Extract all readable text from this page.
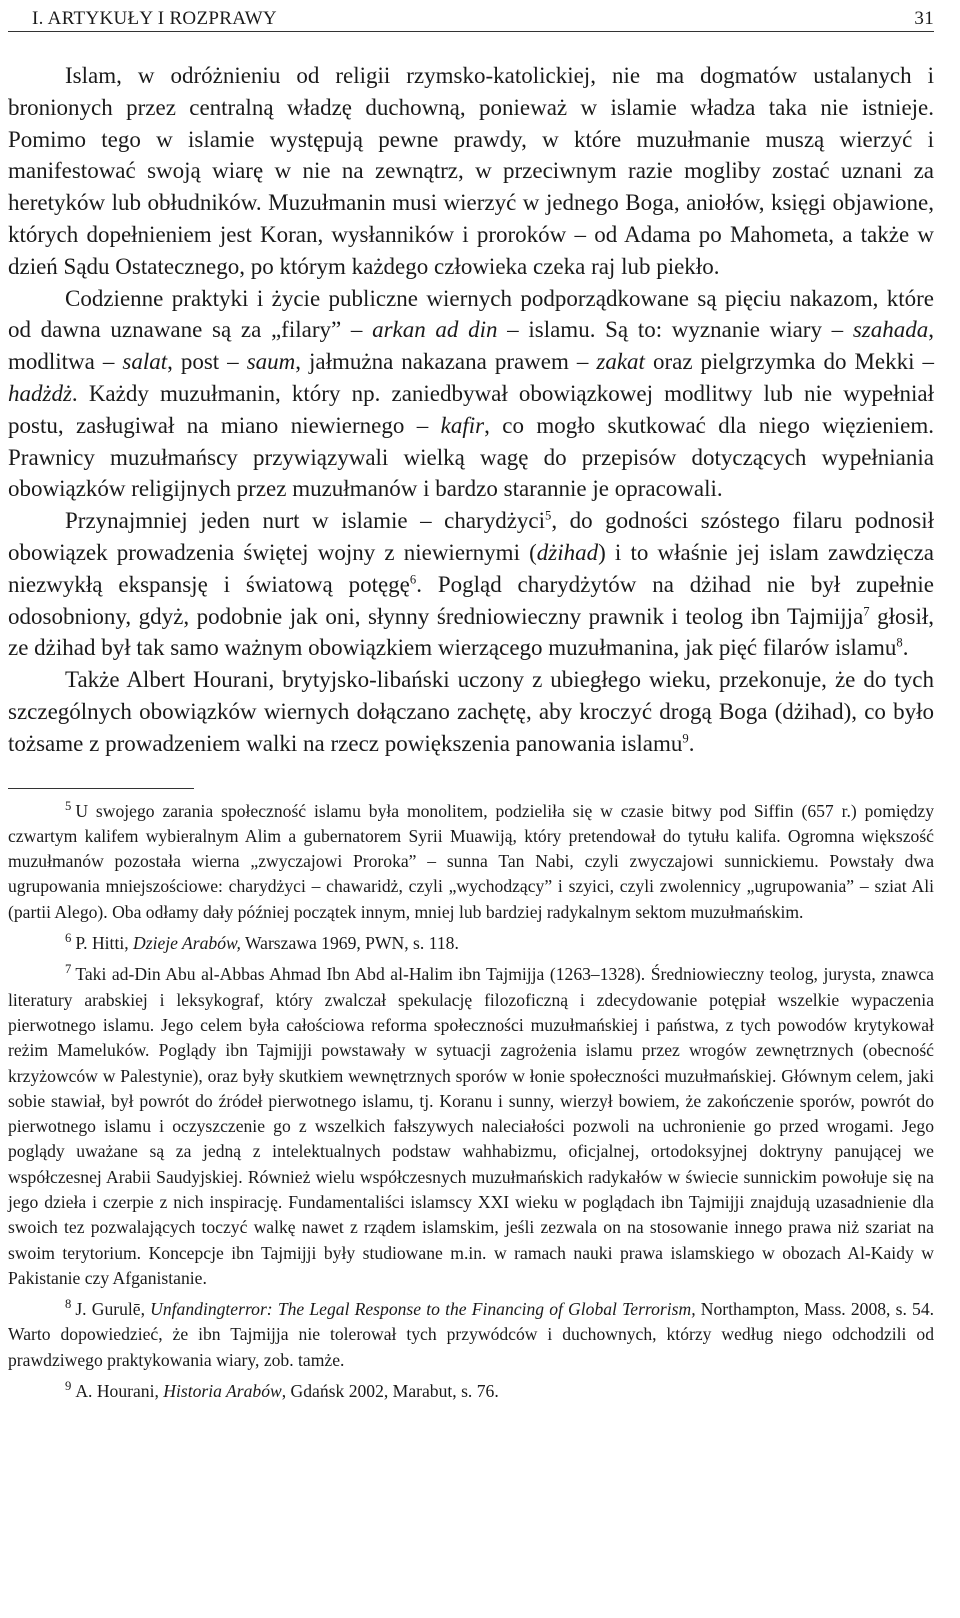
I. ARTYKUŁY I ROZPRAWY	31

Islam, w odróżnieniu od religii rzymsko-katolickiej, nie ma dogmatów ustalanych i bronionych przez centralną władzę duchowną, ponieważ w islamie władza taka nie istnieje. Pomimo tego w islamie występują pewne prawdy, w które muzułmanie muszą wierzyć i manifestować swoją wiarę w nie na zewnątrz, w przeciwnym razie mogliby zostać uznani za heretyków lub obłudników. Muzułmanin musi wierzyć w jednego Boga, aniołów, księgi objawione, których dopełnieniem jest Koran, wysłanników i proroków – od Adama po Mahometa, a także w dzień Sądu Ostatecznego, po którym każdego człowieka czeka raj lub piekło.

Codzienne praktyki i życie publiczne wiernych podporządkowane są pięciu nakazom, które od dawna uznawane są za „filary” – arkan ad din – islamu. Są to: wyznanie wiary – szahada, modlitwa – salat, post – saum, jałmużna nakazana prawem – zakat oraz pielgrzymka do Mekki – hadżdż. Każdy muzułmanin, który np. zaniedbywał obowiązkowej modlitwy lub nie wypełniał postu, zasługiwał na miano niewiernego – kafir, co mogło skutkować dla niego więzieniem. Prawnicy muzułmańscy przywiązywali wielką wagę do przepisów dotyczących wypełniania obowiązków religijnych przez muzułmanów i bardzo starannie je opracowali.

Przynajmniej jeden nurt w islamie – charydżyci$^5$, do godności szóstego filaru podnosił obowiązek prowadzenia świętej wojny z niewiernymi (dżihad) i to właśnie jej islam zawdzięcza niezwykłą ekspansję i światową potęgę$^6$. Pogląd charydżytów na dżihad nie był zupełnie odosobniony, gdyż, podobnie jak oni, słynny średniowieczny prawnik i teolog ibn Tajmijja$^7$ głosił, ze dżihad był tak samo ważnym obowiązkiem wierzącego muzułmanina, jak pięć filarów islamu$^8$.

Także Albert Hourani, brytyjsko-libański uczony z ubiegłego wieku, przekonuje, że do tych szczególnych obowiązków wiernych dołączano zachętę, aby kroczyć drogą Boga (dżihad), co było tożsame z prowadzeniem walki na rzecz powiększenia panowania islamu$^9$.

$^5$ U swojego zarania społeczność islamu była monolitem, podzieliła się w czasie bitwy pod Siffin (657 r.) pomiędzy czwartym kalifem wybieralnym Alim a gubernatorem Syrii Muawiją, który pretendował do tytułu kalifa. Ogromna większość muzułmanów pozostała wierna „zwyczajowi Proroka” – sunna Tan Nabi, czyli zwyczajowi sunnickiemu. Powstały dwa ugrupowania mniejszościowe: charydżyci – chawaridż, czyli „wychodzący” i szyici, czyli zwolennicy „ugrupowania” – sziat Ali (partii Alego). Oba odłamy dały później początek innym, mniej lub bardziej radykalnym sektom muzułmańskim.

$^6$ P. Hitti, Dzieje Arabów, Warszawa 1969, PWN, s. 118.

$^7$ Taki ad-Din Abu al-Abbas Ahmad Ibn Abd al-Halim ibn Tajmijja (1263–1328). Średniowieczny teolog, jurysta, znawca literatury arabskiej i leksykograf, który zwalczał spekulację filozoficzną i zdecydowanie potępiał wszelkie wypaczenia pierwotnego islamu. Jego celem była całościowa reforma społeczności muzułmańskiej i państwa, z tych powodów krytykował reżim Mameluków. Poglądy ibn Tajmijji powstawały w sytuacji zagrożenia islamu przez wrogów zewnętrznych (obecność krzyżowców w Palestynie), oraz były skutkiem wewnętrznych sporów w łonie społeczności muzułmańskiej. Głównym celem, jaki sobie stawiał, był powrót do źródeł pierwotnego islamu, tj. Koranu i sunny, wierzył bowiem, że zakończenie sporów, powrót do pierwotnego islamu i oczyszczenie go z wszelkich fałszywych naleciałości pozwoli na uchronienie go przed wrogami. Jego poglądy uważane są za jedną z intelektualnych podstaw wahhabizmu, oficjalnej, ortodoksyjnej doktryny panującej we współczesnej Arabii Saudyjskiej. Również wielu współczesnych muzułmańskich radykałów w świecie sunnickim powołuje się na jego dzieła i czerpie z nich inspirację. Fundamentaliści islamscy XXI wieku w poglądach ibn Tajmijji znajdują uzasadnienie dla swoich tez pozwalających toczyć walkę nawet z rządem islamskim, jeśli zezwala on na stosowanie innego prawa niż szariat na swoim terytorium. Koncepcje ibn Tajmijji były studiowane m.in. w ramach nauki prawa islamskiego w obozach Al-Kaidy w Pakistanie czy Afganistanie.

$^8$ J. Gurulē, Unfandingterror: The Legal Response to the Financing of Global Terrorism, Northampton, Mass. 2008, s. 54. Warto dopowiedzieć, że ibn Tajmijja nie tolerował tych przywódców i duchownych, którzy według niego odchodzili od prawdziwego praktykowania wiary, zob. tamże.

$^9$ A. Hourani, Historia Arabów, Gdańsk 2002, Marabut, s. 76.
